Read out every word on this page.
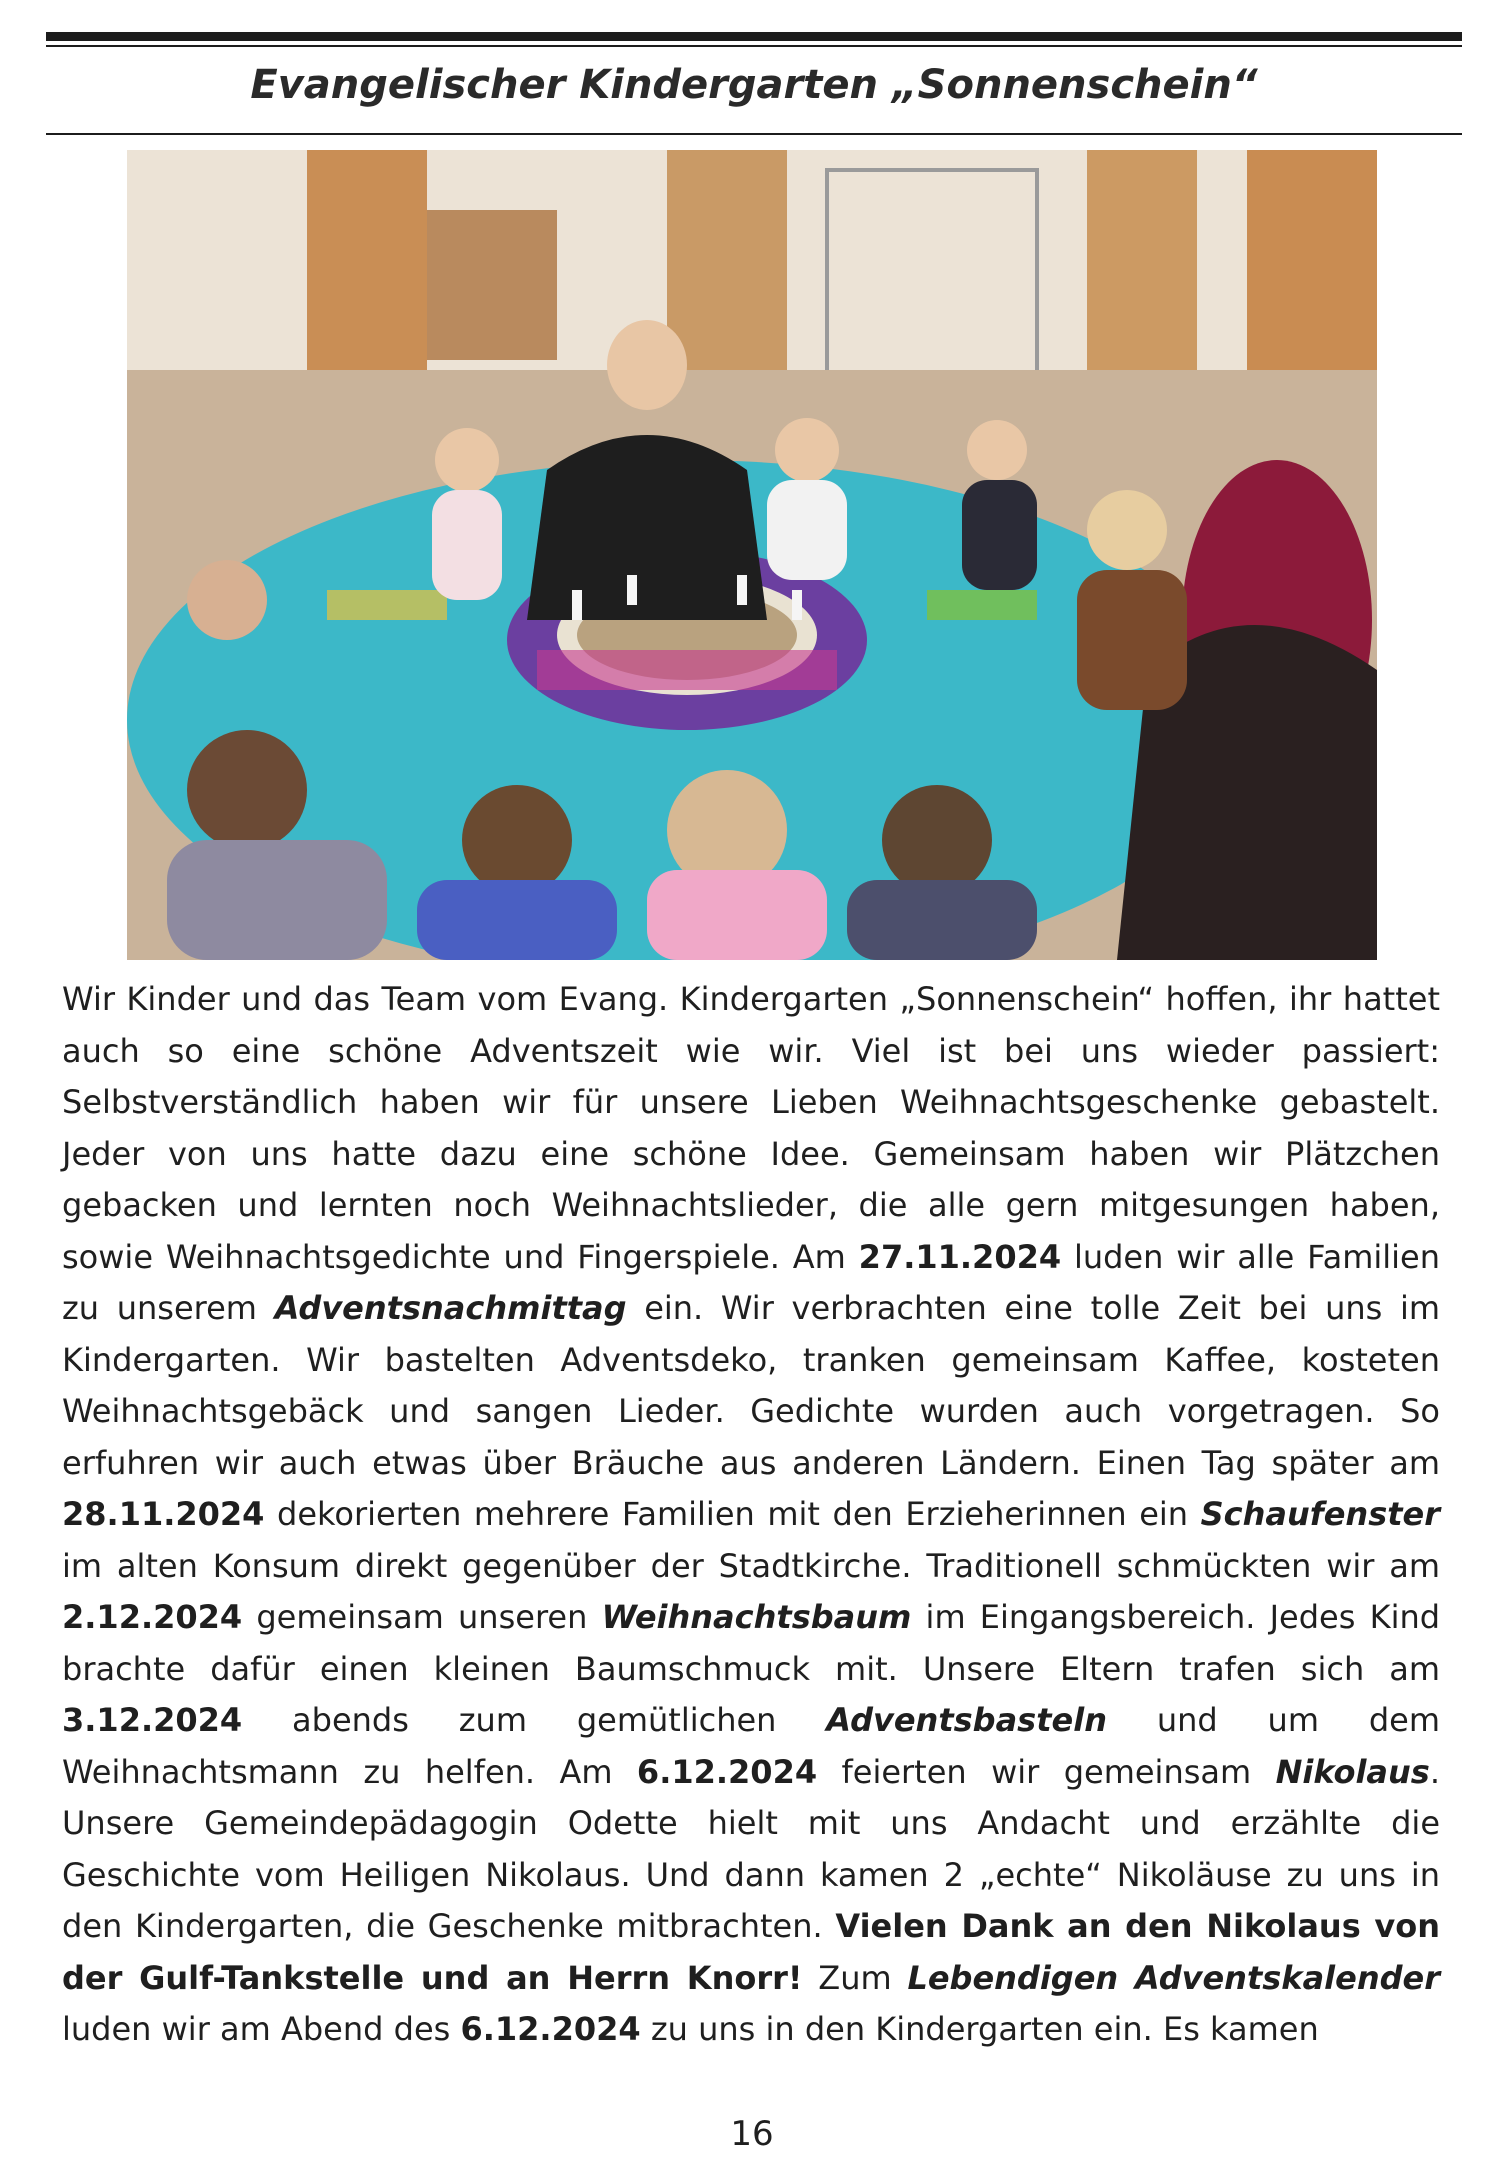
Evangelischer Kindergarten „Sonnenschein“

Wir Kinder und das Team vom Evang. Kindergarten „Sonnenschein“ hoffen, ihr hattet auch so eine schöne Adventszeit wie wir. Viel ist bei uns wieder passiert: Selbstverständlich haben wir für unsere Lieben Weihnachtsgeschenke gebastelt. Jeder von uns hatte dazu eine schöne Idee. Gemeinsam haben wir Plätzchen gebacken und lernten noch Weihnachtslieder, die alle gern mitgesungen haben, sowie Weihnachtsgedichte und Fingerspiele. Am 27.11.2024 luden wir alle Familien zu unserem Adventsnachmittag ein. Wir verbrachten eine tolle Zeit bei uns im Kindergarten. Wir bastelten Adventsdeko, tranken gemeinsam Kaffee, kosteten Weihnachtsgebäck und sangen Lieder. Gedichte wurden auch vorgetragen. So erfuhren wir auch etwas über Bräuche aus anderen Ländern. Einen Tag später am 28.11.2024 dekorierten mehrere Familien mit den Erzieherinnen ein Schaufenster im alten Konsum direkt gegenüber der Stadtkirche. Traditionell schmückten wir am 2.12.2024 gemeinsam unseren Weihnachtsbaum im Eingangsbereich. Jedes Kind brachte dafür einen kleinen Baumschmuck mit. Unsere Eltern trafen sich am 3.12.2024 abends zum gemütlichen Adventsbasteln und um dem Weihnachtsmann zu helfen. Am 6.12.2024 feierten wir gemeinsam Nikolaus. Unsere Gemeindepädagogin Odette hielt mit uns Andacht und erzählte die Geschichte vom Heiligen Nikolaus. Und dann kamen 2 „echte“ Nikoläuse zu uns in den Kindergarten, die Geschenke mitbrachten. Vielen Dank an den Nikolaus von der Gulf-Tankstelle und an Herrn Knorr! Zum Lebendigen Adventskalender luden wir am Abend des 6.12.2024 zu uns in den Kindergarten ein. Es kamen

16
